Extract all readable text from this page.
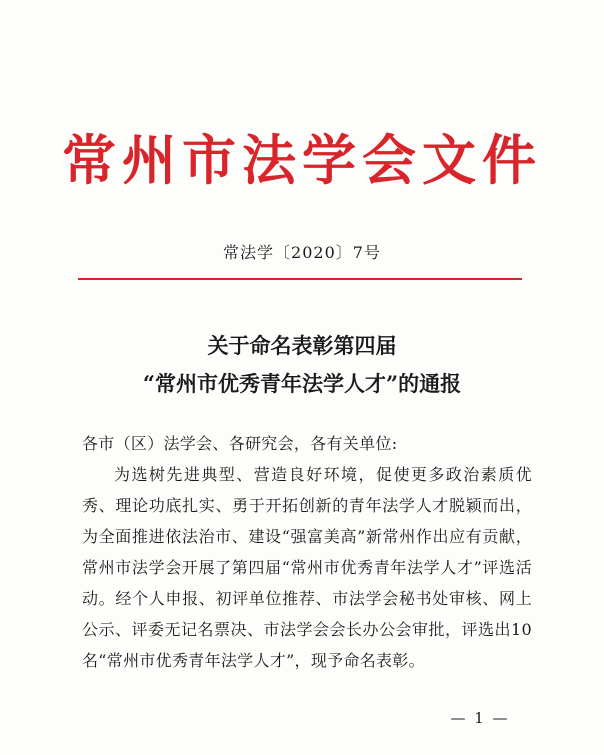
常州市法学会文件
常法学〔2020〕7号
关于命名表彰第四届
“常州市优秀青年法学人才”的通报
各市（区）法学会、各研究会，各有关单位:
为选树先进典型、营造良好环境，促使更多政治素质优秀、理论功底扎实、勇于开拓创新的青年法学人才脱颖而出，为全面推进依法治市、建设“强富美高”新常州作出应有贡献，常州市法学会开展了第四届“常州市优秀青年法学人才”评选活动。经个人申报、初评单位推荐、市法学会秘书处审核、网上公示、评委无记名票决、市法学会会长办公会审批，评选出10名“常州市优秀青年法学人才”，现予命名表彰。
— 1 —
